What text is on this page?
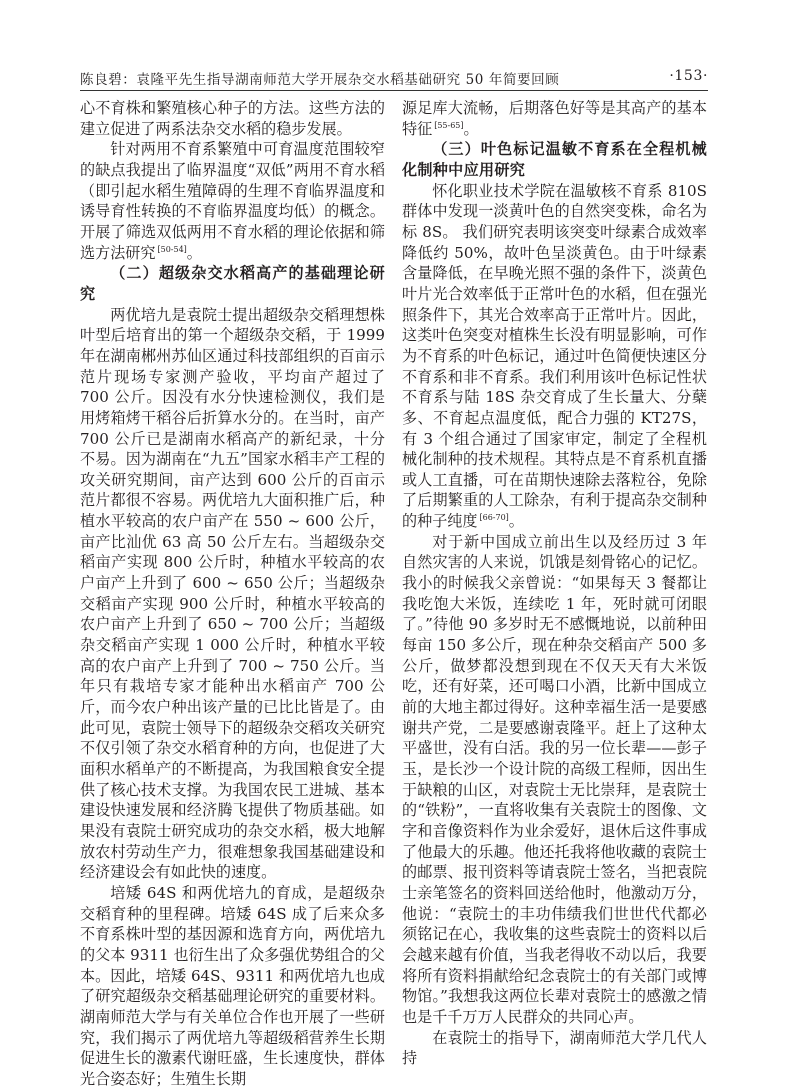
陈良碧：袁隆平先生指导湖南师范大学开展杂交水稻基础研究 50 年简要回顾	·153·

心不育株和繁殖核心种子的方法。这些方法的建立促进了两系法杂交水稻的稳步发展。

针对两用不育系繁殖中可育温度范围较窄的缺点我提出了临界温度“双低”两用不育水稻（即引起水稻生殖障碍的生理不育临界温度和诱导育性转换的不育临界温度均低）的概念。开展了筛选双低两用不育水稻的理论依据和筛选方法研究 [50-54]。

（二）超级杂交水稻高产的基础理论研究

两优培九是袁院士提出超级杂交稻理想株叶型后培育出的第一个超级杂交稻，于 1999 年在湖南郴州苏仙区通过科技部组织的百亩示范片现场专家测产验收，平均亩产超过了 700 公斤。因没有水分快速检测仪，我们是用烤箱烤干稻谷后折算水分的。在当时，亩产 700 公斤已是湖南水稻高产的新纪录，十分不易。因为湖南在“九五”国家水稻丰产工程的攻关研究期间，亩产达到 600 公斤的百亩示范片都很不容易。两优培九大面积推广后，种植水平较高的农户亩产在 550 ~ 600 公斤，亩产比汕优 63 高 50 公斤左右。当超级杂交稻亩产实现 800 公斤时，种植水平较高的农户亩产上升到了 600 ~ 650 公斤；当超级杂交稻亩产实现 900 公斤时，种植水平较高的农户亩产上升到了 650 ~ 700 公斤；当超级杂交稻亩产实现 1 000 公斤时，种植水平较高的农户亩产上升到了 700 ~ 750 公斤。当年只有栽培专家才能种出水稻亩产 700 公斤，而今农户种出该产量的已比比皆是了。由此可见，袁院士领导下的超级杂交稻攻关研究不仅引领了杂交水稻育种的方向，也促进了大面积水稻单产的不断提高，为我国粮食安全提供了核心技术支撑。为我国农民工进城、基本建设快速发展和经济腾飞提供了物质基础。如果没有袁院士研究成功的杂交水稻，极大地解放农村劳动生产力，很难想象我国基础建设和经济建设会有如此快的速度。

培矮 64S 和两优培九的育成，是超级杂交稻育种的里程碑。培矮 64S 成了后来众多不育系株叶型的基因源和选育方向，两优培九的父本 9311 也衍生出了众多强优势组合的父本。因此，培矮 64S、9311 和两优培九也成了研究超级杂交稻基础理论研究的重要材料。湖南师范大学与有关单位合作也开展了一些研究，我们揭示了两优培九等超级稻营养生长期促进生长的激素代谢旺盛，生长速度快，群体光合姿态好；生殖生长期

源足库大流畅，后期落色好等是其高产的基本特征 [55-65]。

（三）叶色标记温敏不育系在全程机械化制种中应用研究

怀化职业技术学院在温敏核不育系 810S 群体中发现一淡黄叶色的自然突变株，命名为标 8S。 我们研究表明该突变叶绿素合成效率降低约 50%，故叶色呈淡黄色。由于叶绿素含量降低，在早晚光照不强的条件下，淡黄色叶片光合效率低于正常叶色的水稻，但在强光照条件下，其光合效率高于正常叶片。因此，这类叶色突变对植株生长没有明显影响，可作为不育系的叶色标记，通过叶色简便快速区分不育系和非不育系。我们利用该叶色标记性状不育系与陆 18S 杂交育成了生长量大、分蘖多、不育起点温度低，配合力强的 KT27S，有 3 个组合通过了国家审定，制定了全程机械化制种的技术规程。其特点是不育系机直播或人工直播，可在苗期快速除去落粒谷，免除了后期繁重的人工除杂，有利于提高杂交制种的种子纯度 [66-70]。

对于新中国成立前出生以及经历过 3 年自然灾害的人来说，饥饿是刻骨铭心的记忆。我小的时候我父亲曾说：“如果每天 3 餐都让我吃饱大米饭，连续吃 1 年，死时就可闭眼了。”待他 90 多岁时无不感慨地说，以前种田每亩 150 多公斤，现在种杂交稻亩产 500 多公斤，做梦都没想到现在不仅天天有大米饭吃，还有好菜，还可喝口小酒，比新中国成立前的大地主都过得好。这种幸福生活一是要感谢共产党，二是要感谢袁隆平。赶上了这种太平盛世，没有白活。我的另一位长辈——彭子玉，是长沙一个设计院的高级工程师，因出生于缺粮的山区，对袁院士无比崇拜，是袁院士的“铁粉”，一直将收集有关袁院士的图像、文字和音像资料作为业余爱好，退休后这件事成了他最大的乐趣。他还托我将他收藏的袁院士的邮票、报刊资料等请袁院士签名，当把袁院士亲笔签名的资料回送给他时，他激动万分，他说：“袁院士的丰功伟绩我们世世代代都必须铭记在心，我收集的这些袁院士的资料以后会越来越有价值，当我老得收不动以后，我要将所有资料捐献给纪念袁院士的有关部门或博物馆。”我想我这两位长辈对袁院士的感激之情也是千千万万人民群众的共同心声。

在袁院士的指导下，湖南师范大学几代人持
